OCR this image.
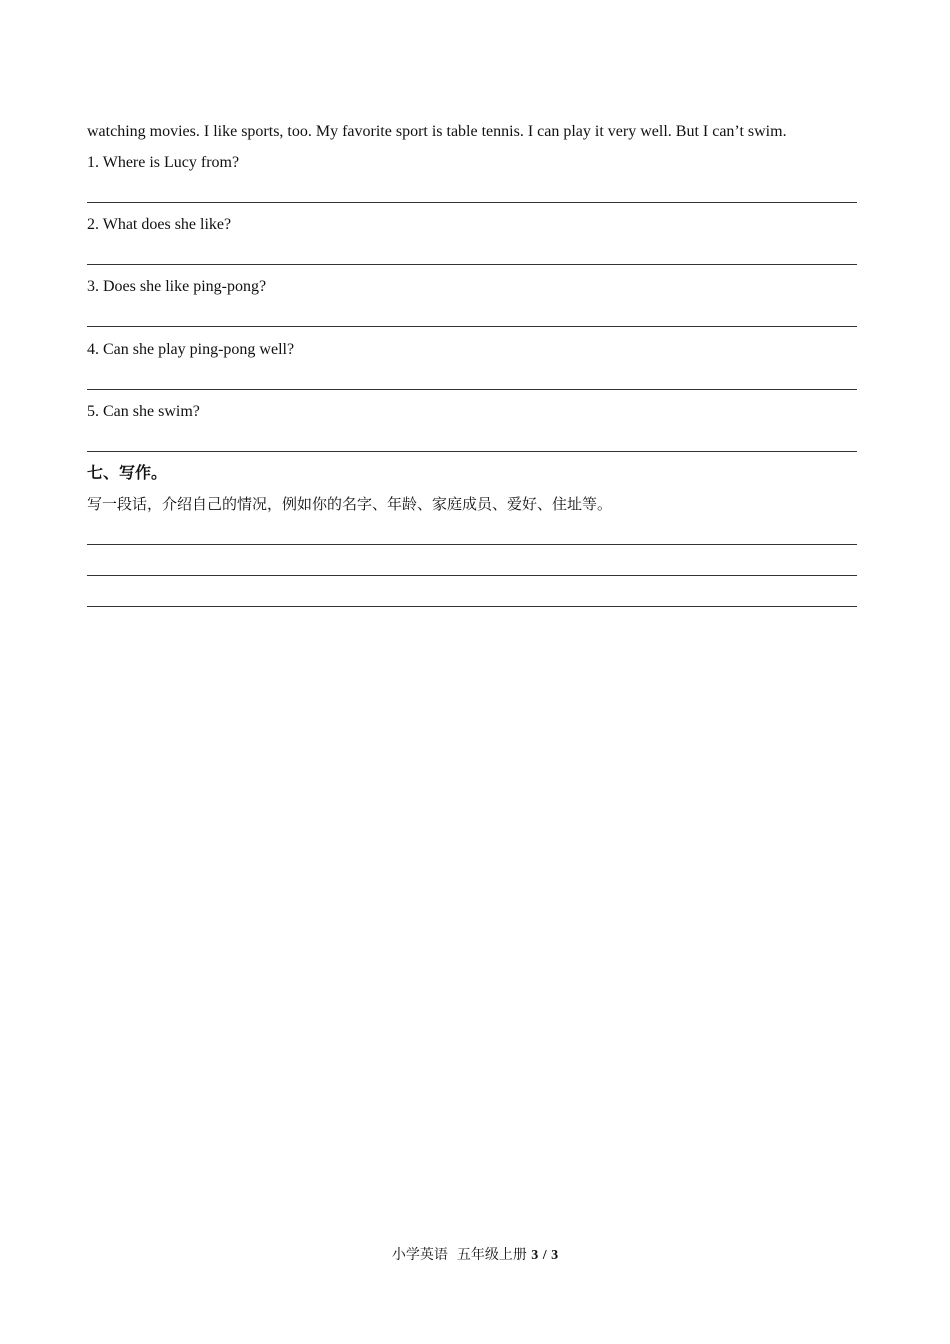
watching movies. I like sports, too. My favorite sport is table tennis. I can play it very well. But I can’t swim.
1. Where is Lucy from?
2. What does she like?
3. Does she like ping-pong?
4. Can she play ping-pong well?
5. Can she swim?
七、写作。
写一段话，介绍自己的情况，例如你的名字、年龄、家庭成员、爱好、住址等。
小学英语 五年级上册 3 / 3
